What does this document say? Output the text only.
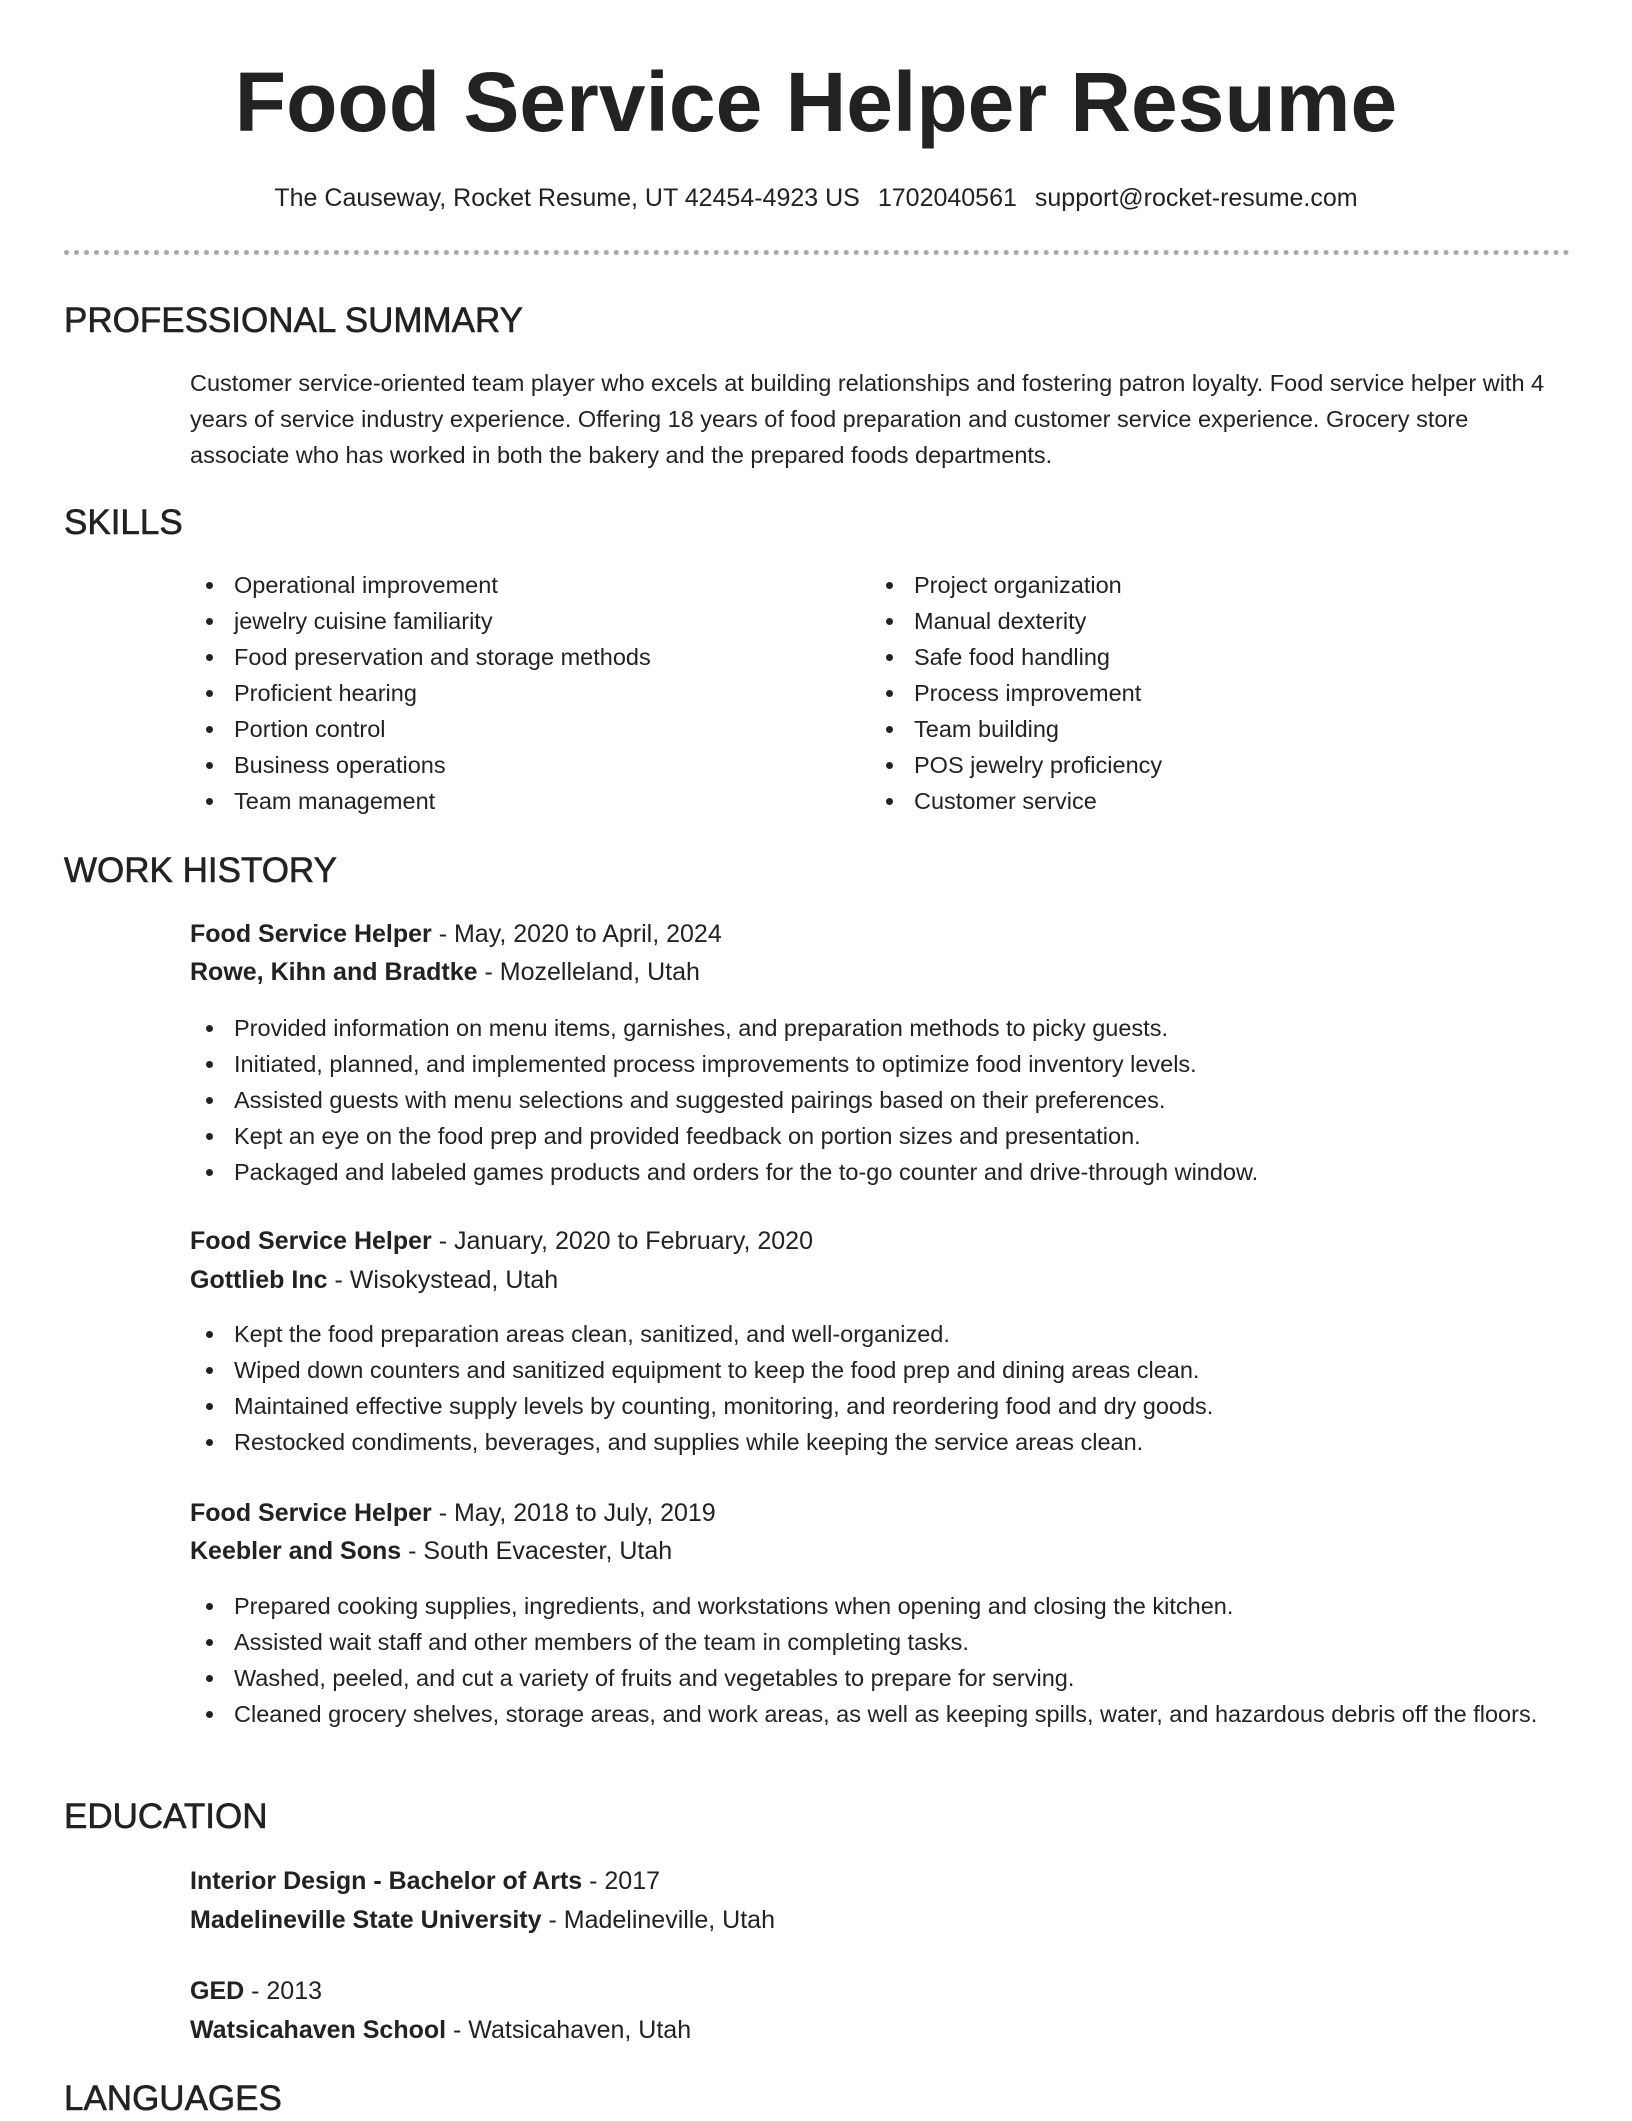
Food Service Helper Resume
The Causeway, Rocket Resume, UT 42454-4923 US 1702040561 support@rocket-resume.com
PROFESSIONAL SUMMARY

Customer service-oriented team player who excels at building relationships and fostering patron loyalty. Food service helper with 4 years of service industry experience. Offering 18 years of food preparation and customer service experience. Grocery store associate who has worked in both the bakery and the prepared foods departments.

SKILLS
Operational improvement
jewelry cuisine familiarity
Food preservation and storage methods
Proficient hearing
Portion control
Business operations
Team management
Project organization
Manual dexterity
Safe food handling
Process improvement
Team building
POS jewelry proficiency
Customer service
WORK HISTORY
Food Service Helper - May, 2020 to April, 2024
Rowe, Kihn and Bradtke - Mozelleland, Utah
Provided information on menu items, garnishes, and preparation methods to picky guests.
Initiated, planned, and implemented process improvements to optimize food inventory levels.
Assisted guests with menu selections and suggested pairings based on their preferences.
Kept an eye on the food prep and provided feedback on portion sizes and presentation.
Packaged and labeled games products and orders for the to-go counter and drive-through window.
Food Service Helper - January, 2020 to February, 2020
Gottlieb Inc - Wisokystead, Utah
Kept the food preparation areas clean, sanitized, and well-organized.
Wiped down counters and sanitized equipment to keep the food prep and dining areas clean.
Maintained effective supply levels by counting, monitoring, and reordering food and dry goods.
Restocked condiments, beverages, and supplies while keeping the service areas clean.
Food Service Helper - May, 2018 to July, 2019
Keebler and Sons - South Evacester, Utah
Prepared cooking supplies, ingredients, and workstations when opening and closing the kitchen.
Assisted wait staff and other members of the team in completing tasks.
Washed, peeled, and cut a variety of fruits and vegetables to prepare for serving.
Cleaned grocery shelves, storage areas, and work areas, as well as keeping spills, water, and hazardous debris off the floors.
EDUCATION
Interior Design - Bachelor of Arts - 2017
Madelineville State University - Madelineville, Utah
GED - 2013
Watsicahaven School - Watsicahaven, Utah
LANGUAGES
